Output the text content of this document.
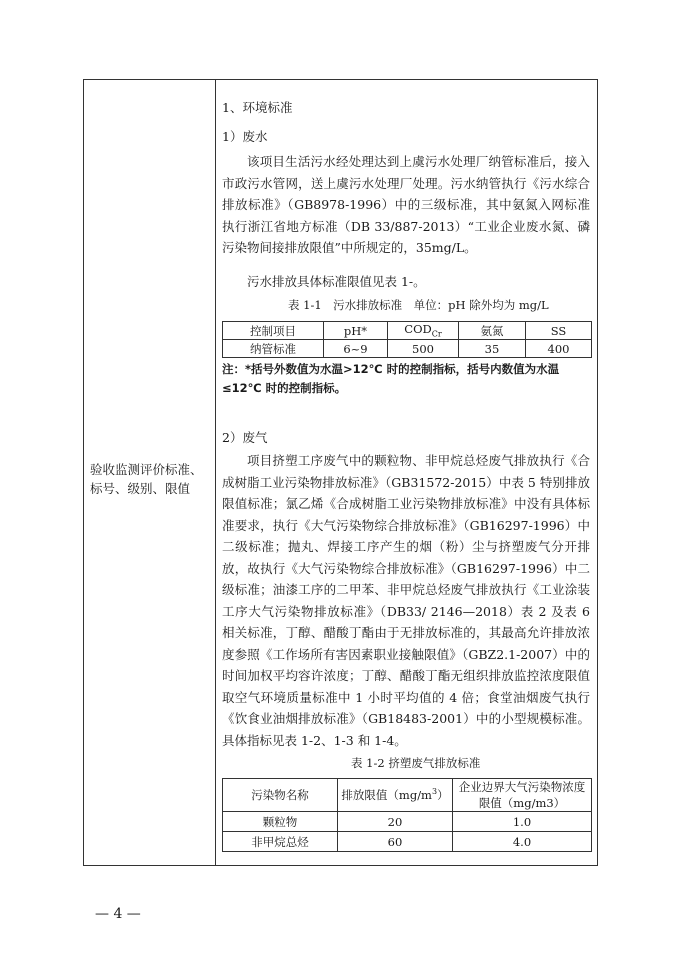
验收监测评价标准、标号、级别、限值
1、环境标准
1）废水
该项目生活污水经处理达到上虞污水处理厂纳管标准后，接入市政污水管网，送上虞污水处理厂处理。污水纳管执行《污水综合排放标准》（GB8978-1996）中的三级标准，其中氨氮入网标准执行浙江省地方标准（DB 33/887-2013）“工业企业废水氮、磷污染物间接排放限值”中所规定的，35mg/L。
污水排放具体标准限值见表 1-。
表 1-1　污水排放标准　单位：pH 除外均为 mg/L
控制项目	pH*	$COD_{Cr}$	氨氮	SS
纳管标准	6~9	500	35	400
注：*括号外数值为水温>12℃ 时的控制指标，括号内数值为水温≤12℃ 时的控制指标。
2）废气
项目挤塑工序废气中的颗粒物、非甲烷总烃废气排放执行《合成树脂工业污染物排放标准》（GB31572-2015）中表 5 特别排放限值标准；氯乙烯《合成树脂工业污染物排放标准》中没有具体标准要求，执行《大气污染物综合排放标准》（GB16297-1996）中二级标准；抛丸、焊接工序产生的烟（粉）尘与挤塑废气分开排放，故执行《大气污染物综合排放标准》（GB16297-1996）中二级标准；油漆工序的二甲苯、非甲烷总烃废气排放执行《工业涂装工序大气污染物排放标准》（DB33/ 2146—2018）表 2 及表 6 相关标准，丁醇、醋酸丁酯由于无排放标准的，其最高允许排放浓度参照《工作场所有害因素职业接触限值》（GBZ2.1-2007）中的时间加权平均容许浓度；丁醇、醋酸丁酯无组织排放监控浓度限值取空气环境质量标准中 1 小时平均值的 4 倍；食堂油烟废气执行《饮食业油烟排放标准》（GB18483-2001）中的小型规模标准。具体指标见表 1-2、1-3 和 1-4。
表 1-2 挤塑废气排放标准
污染物名称	排放限值$(mg/m^3)$	企业边界大气污染物浓度限值（mg/m3）
颗粒物	20	1.0
非甲烷总烃	60	4.0
— 4 —
